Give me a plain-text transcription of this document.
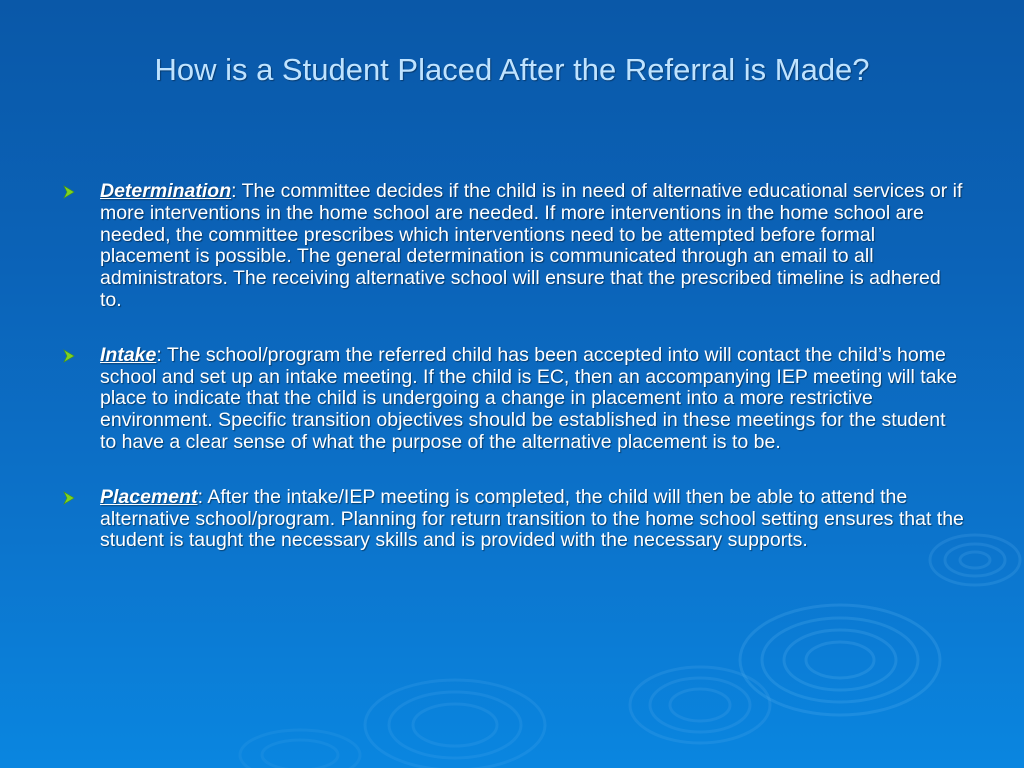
How is a Student Placed After the Referral is Made?
Determination: The committee decides if the child is in need of alternative educational services or if more interventions in the home school are needed. If more interventions in the home school are needed, the committee prescribes which interventions need to be attempted before formal placement is possible. The general determination is communicated through an email to all administrators. The receiving alternative school will ensure that the prescribed timeline is adhered to.
Intake: The school/program the referred child has been accepted into will contact the child’s home school and set up an intake meeting. If the child is EC, then an accompanying IEP meeting will take place to indicate that the child is undergoing a change in placement into a more restrictive environment. Specific transition objectives should be established in these meetings for the student to have a clear sense of what the purpose of the alternative placement is to be.
Placement: After the intake/IEP meeting is completed, the child will then be able to attend the alternative school/program. Planning for return transition to the home school setting ensures that the student is taught the necessary skills and is provided with the necessary supports.
